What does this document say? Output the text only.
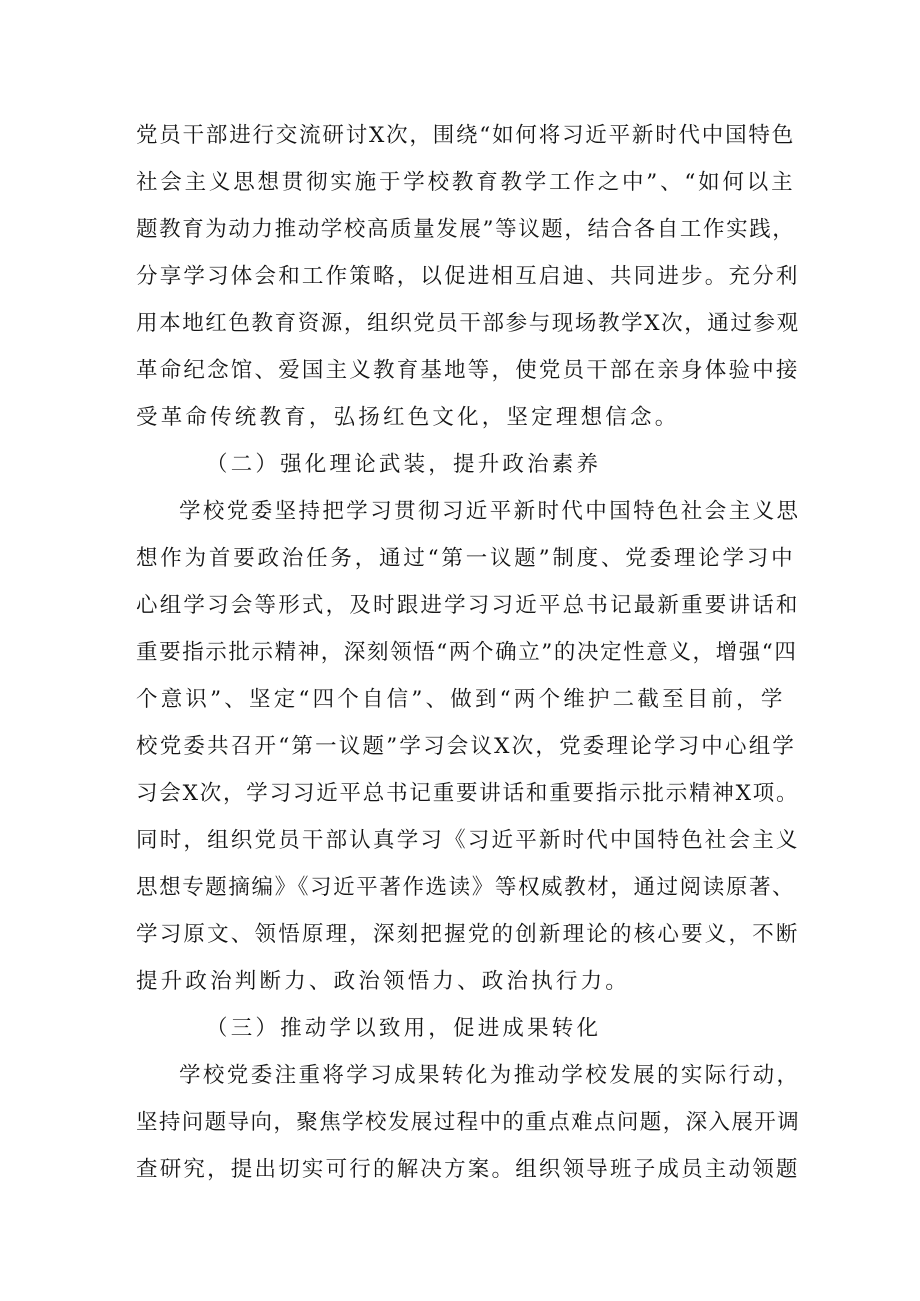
党员干部进行交流研讨X次，围绕“如何将习近平新时代中国特色
社会主义思想贯彻实施于学校教育教学工作之中”、“如何以主
题教育为动力推动学校高质量发展”等议题，结合各自工作实践，
分享学习体会和工作策略，以促进相互启迪、共同进步。充分利
用本地红色教育资源，组织党员干部参与现场教学X次，通过参观
革命纪念馆、爱国主义教育基地等，使党员干部在亲身体验中接
受革命传统教育，弘扬红色文化，坚定理想信念。
（二）强化理论武装，提升政治素养
学校党委坚持把学习贯彻习近平新时代中国特色社会主义思
想作为首要政治任务，通过“第一议题”制度、党委理论学习中
心组学习会等形式，及时跟进学习习近平总书记最新重要讲话和
重要指示批示精神，深刻领悟“两个确立”的决定性意义，增强“四
个意识”、坚定“四个自信”、做到“两个维护二截至目前，学
校党委共召开“第一议题”学习会议X次，党委理论学习中心组学
习会X次，学习习近平总书记重要讲话和重要指示批示精神X项。
同时，组织党员干部认真学习《习近平新时代中国特色社会主义
思想专题摘编》《习近平著作选读》等权威教材，通过阅读原著、
学习原文、领悟原理，深刻把握党的创新理论的核心要义，不断
提升政治判断力、政治领悟力、政治执行力。
（三）推动学以致用，促进成果转化
学校党委注重将学习成果转化为推动学校发展的实际行动，
坚持问题导向，聚焦学校发展过程中的重点难点问题，深入展开调
查研究，提出切实可行的解决方案。组织领导班子成员主动领题
